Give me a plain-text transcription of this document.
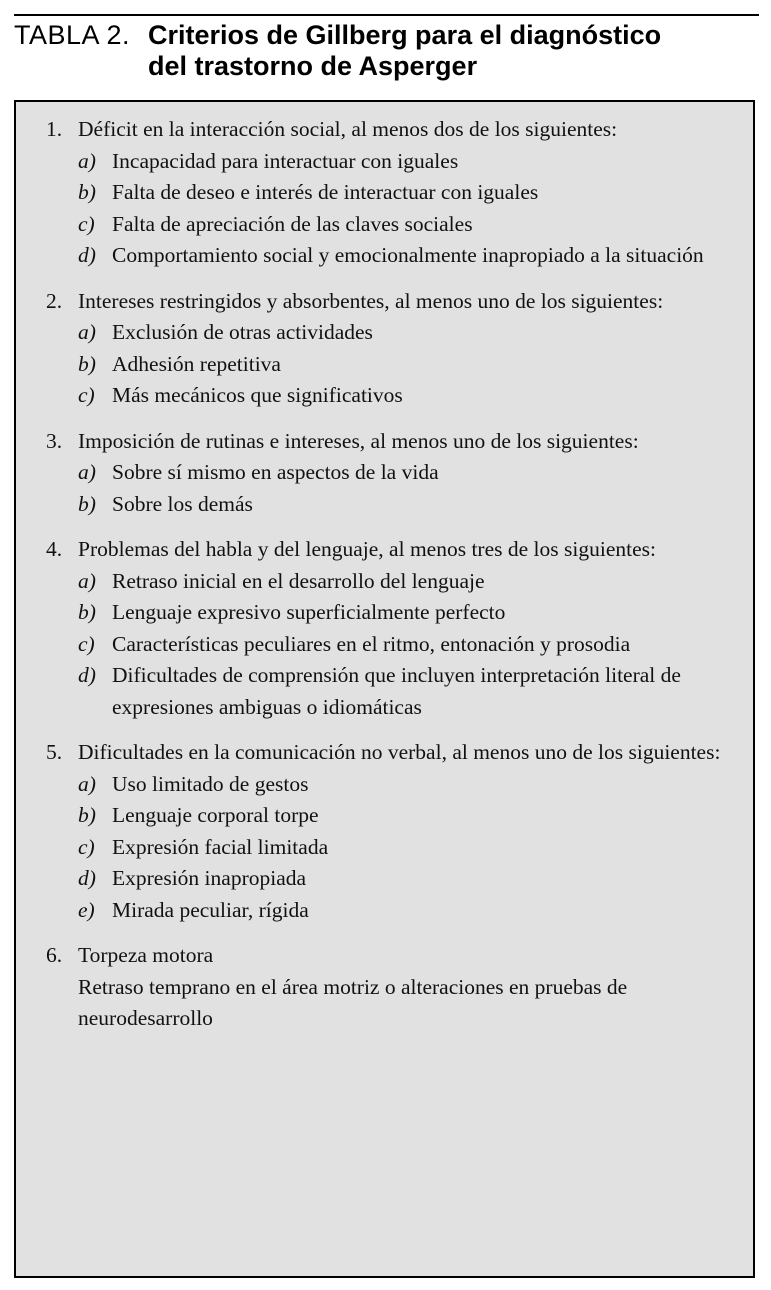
TABLA 2. Criterios de Gillberg para el diagnóstico
del trastorno de Asperger
1. Déficit en la interacción social, al menos dos de los siguientes:
a) Incapacidad para interactuar con iguales
b) Falta de deseo e interés de interactuar con iguales
c) Falta de apreciación de las claves sociales
d) Comportamiento social y emocionalmente inapropiado a la situación
2. Intereses restringidos y absorbentes, al menos uno de los siguientes:
a) Exclusión de otras actividades
b) Adhesión repetitiva
c) Más mecánicos que significativos
3. Imposición de rutinas e intereses, al menos uno de los siguientes:
a) Sobre sí mismo en aspectos de la vida
b) Sobre los demás
4. Problemas del habla y del lenguaje, al menos tres de los siguientes:
a) Retraso inicial en el desarrollo del lenguaje
b) Lenguaje expresivo superficialmente perfecto
c) Características peculiares en el ritmo, entonación y prosodia
d) Dificultades de comprensión que incluyen interpretación literal de expresiones ambiguas o idiomáticas
5. Dificultades en la comunicación no verbal, al menos uno de los siguientes:
a) Uso limitado de gestos
b) Lenguaje corporal torpe
c) Expresión facial limitada
d) Expresión inapropiada
e) Mirada peculiar, rígida
6. Torpeza motora
Retraso temprano en el área motriz o alteraciones en pruebas de neurodesarrollo
